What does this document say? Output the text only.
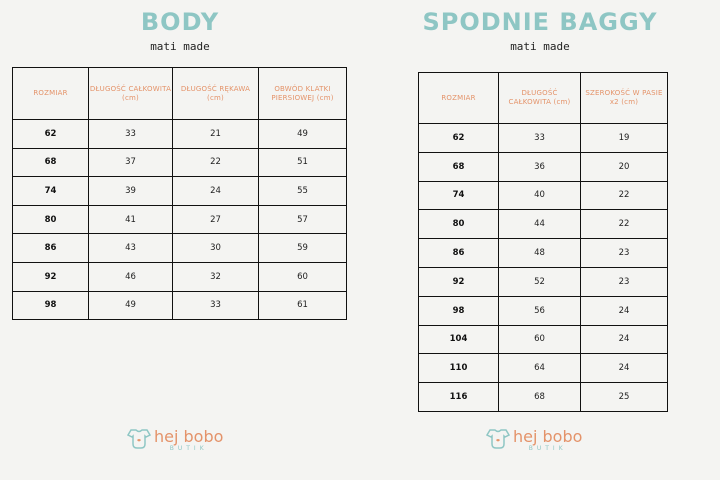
BODY
mati made
ROZMIAR	DŁUGOŚĆ CAŁKOWITA (cm)	DŁUGOŚĆ RĘKAWA (cm)	OBWÓD KLATKI PIERSIOWEJ (cm)
62	33	21	49
68	37	22	51
74	39	24	55
80	41	27	57
86	43	30	59
92	46	32	60
98	49	33	61
SPODNIE BAGGY
mati made
ROZMIAR	DŁUGOŚĆ CAŁKOWITA (cm)	SZEROKOŚĆ W PASIE x2 (cm)
62	33	19
68	36	20
74	40	22
80	44	22
86	48	23
92	52	23
98	56	24
104	60	24
110	64	24
116	68	25
hej bobo
BUTIK
hej bobo
BUTIK
